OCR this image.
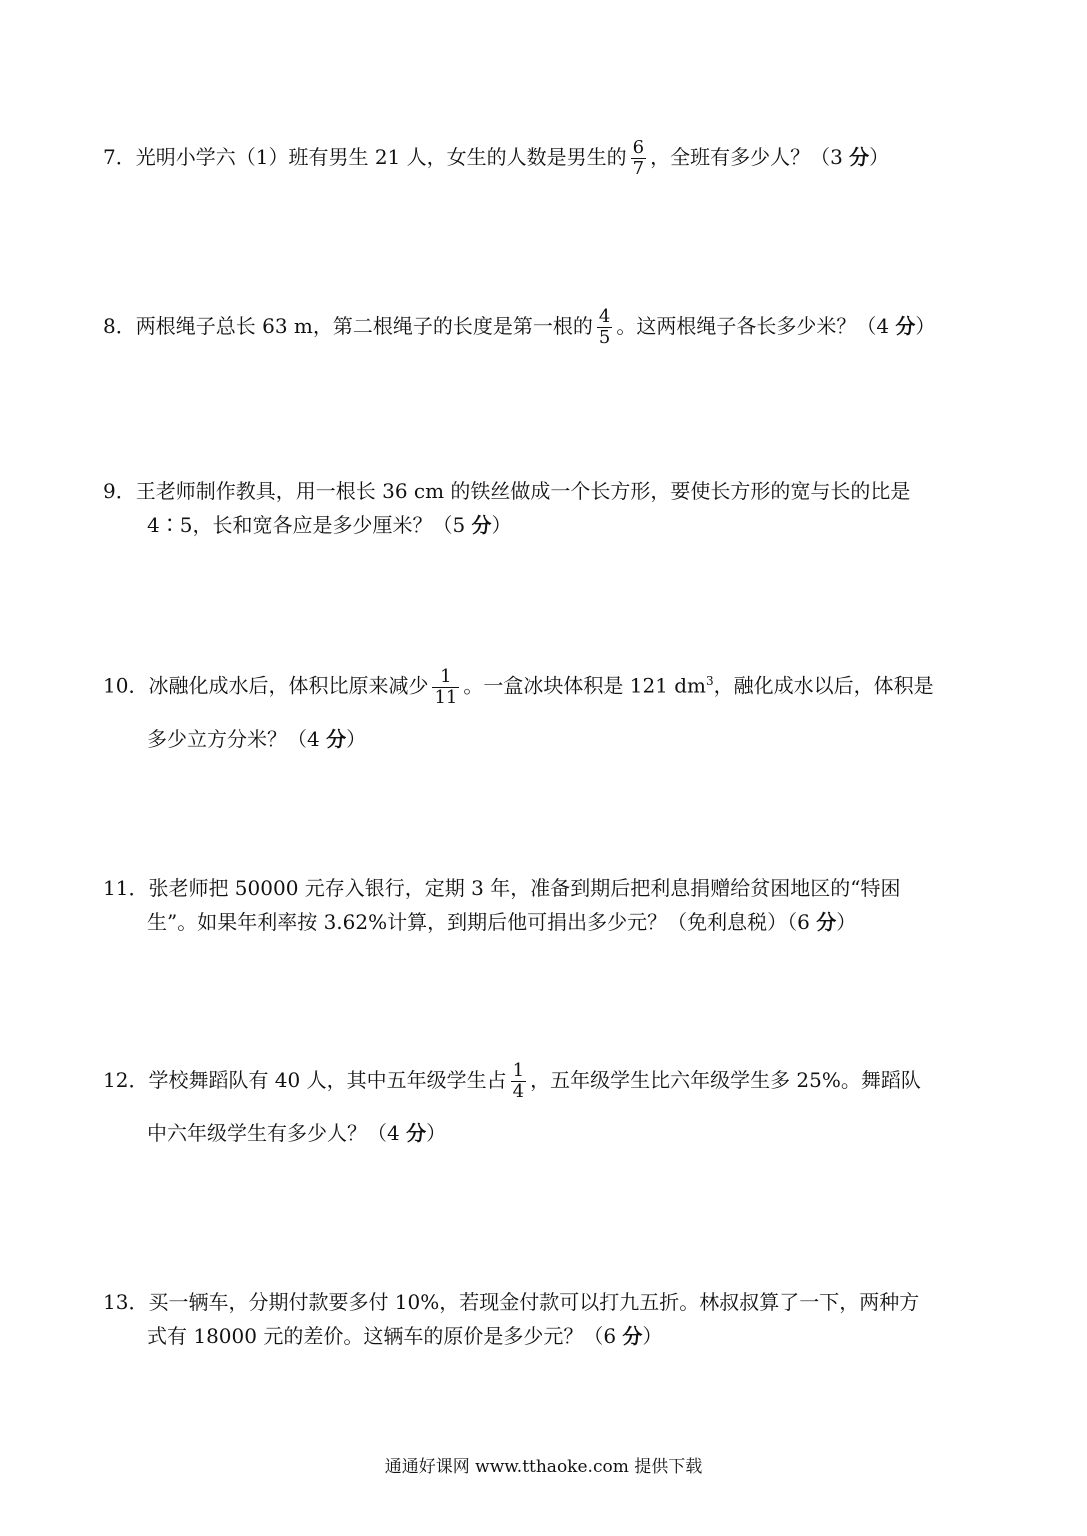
7．光明小学六（1）班有男生 21 人，女生的人数是男生的 $\frac{6}{7}$ ，全班有多少人？（3 分）
8．两根绳子总长 63 m，第二根绳子的长度是第一根的 $\frac{4}{5}$ 。这两根绳子各长多少米？（4 分）
9．王老师制作教具，用一根长 36 cm 的铁丝做成一个长方形，要使长方形的宽与长的比是
4∶5，长和宽各应是多少厘米？（5 分）
10．冰融化成水后，体积比原来减少 $\frac{1}{11}$ 。一盒冰块体积是 121 $dm^3$，融化成水以后，体积是
多少立方分米？（4 分）
11．张老师把 50000 元存入银行，定期 3 年，准备到期后把利息捐赠给贫困地区的“特困
生”。如果年利率按 3.62%计算，到期后他可捐出多少元？（免利息税）（6 分）
12．学校舞蹈队有 40 人，其中五年级学生占 $\frac{1}{4}$ ，五年级学生比六年级学生多 25%。舞蹈队
中六年级学生有多少人？（4 分）
13．买一辆车，分期付款要多付 10%，若现金付款可以打九五折。林叔叔算了一下，两种方
式有 18000 元的差价。这辆车的原价是多少元？（6 分）
通通好课网 www.tthaoke.com 提供下载
